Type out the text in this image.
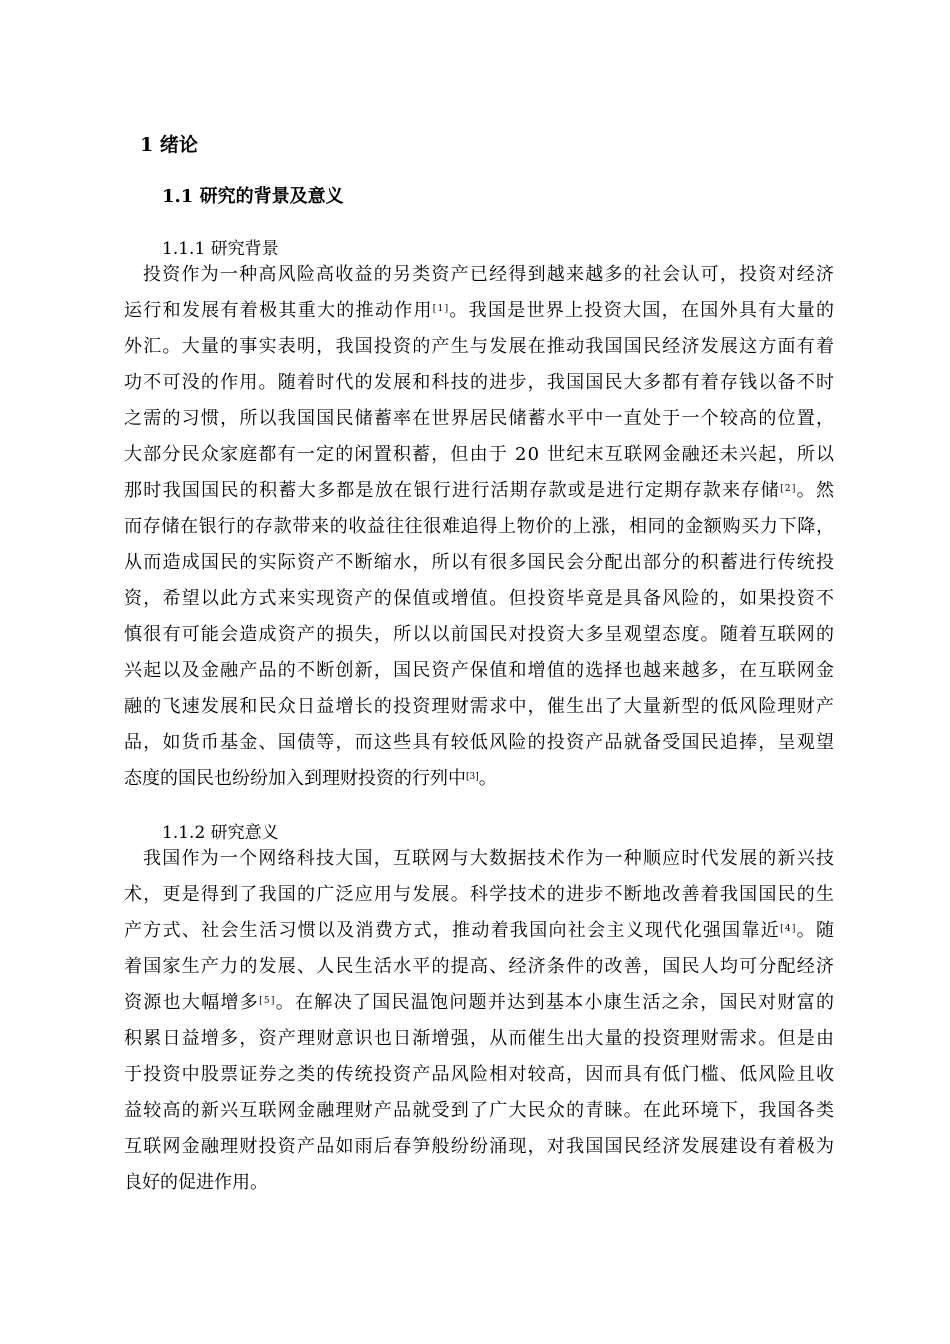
1 绪论
1.1 研究的背景及意义
1.1.1 研究背景
投资作为一种高风险高收益的另类资产已经得到越来越多的社会认可，投资对经济
运行和发展有着极其重大的推动作用[1]。我国是世界上投资大国，在国外具有大量的
外汇。大量的事实表明，我国投资的产生与发展在推动我国国民经济发展这方面有着
功不可没的作用。随着时代的发展和科技的进步，我国国民大多都有着存钱以备不时
之需的习惯，所以我国国民储蓄率在世界居民储蓄水平中一直处于一个较高的位置，
大部分民众家庭都有一定的闲置积蓄，但由于 20 世纪末互联网金融还未兴起，所以
那时我国国民的积蓄大多都是放在银行进行活期存款或是进行定期存款来存储[2]。然
而存储在银行的存款带来的收益往往很难追得上物价的上涨，相同的金额购买力下降，
从而造成国民的实际资产不断缩水，所以有很多国民会分配出部分的积蓄进行传统投
资，希望以此方式来实现资产的保值或增值。但投资毕竟是具备风险的，如果投资不
慎很有可能会造成资产的损失，所以以前国民对投资大多呈观望态度。随着互联网的
兴起以及金融产品的不断创新，国民资产保值和增值的选择也越来越多，在互联网金
融的飞速发展和民众日益增长的投资理财需求中，催生出了大量新型的低风险理财产
品，如货币基金、国债等，而这些具有较低风险的投资产品就备受国民追捧，呈观望
态度的国民也纷纷加入到理财投资的行列中[3]。
1.1.2 研究意义
我国作为一个网络科技大国，互联网与大数据技术作为一种顺应时代发展的新兴技
术，更是得到了我国的广泛应用与发展。科学技术的进步不断地改善着我国国民的生
产方式、社会生活习惯以及消费方式，推动着我国向社会主义现代化强国靠近[4]。随
着国家生产力的发展、人民生活水平的提高、经济条件的改善，国民人均可分配经济
资源也大幅增多[5]。在解决了国民温饱问题并达到基本小康生活之余，国民对财富的
积累日益增多，资产理财意识也日渐增强，从而催生出大量的投资理财需求。但是由
于投资中股票证券之类的传统投资产品风险相对较高，因而具有低门槛、低风险且收
益较高的新兴互联网金融理财产品就受到了广大民众的青睐。在此环境下，我国各类
互联网金融理财投资产品如雨后春笋般纷纷涌现，对我国国民经济发展建设有着极为
良好的促进作用。
